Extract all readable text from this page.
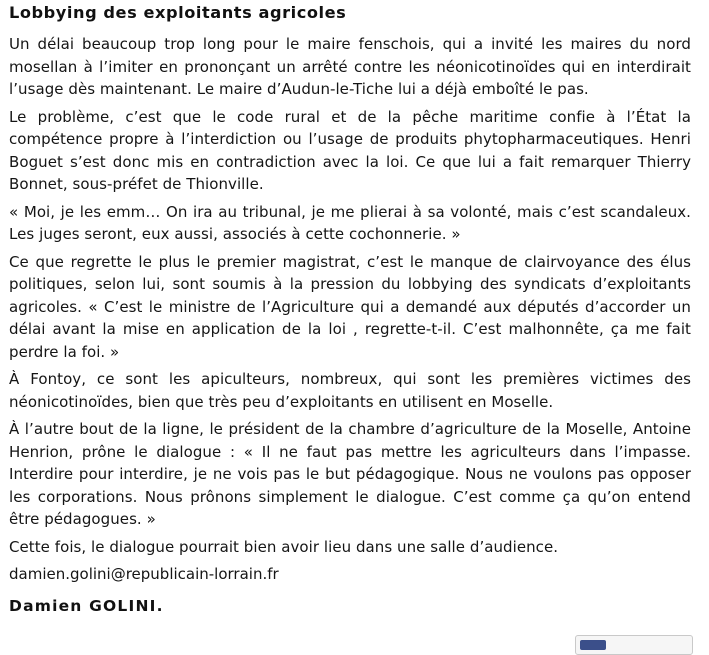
Lobbying des exploitants agricoles

Un délai beaucoup trop long pour le maire fenschois, qui a invité les maires du nord mosellan à l’imiter en prononçant un arrêté contre les néonicotinoïdes qui en interdirait l’usage dès maintenant. Le maire d’Audun-le-Tiche lui a déjà emboîté le pas.

Le problème, c’est que le code rural et de la pêche maritime confie à l’État la compétence propre à l’interdiction ou l’usage de produits phytopharmaceutiques. Henri Boguet s’est donc mis en contradiction avec la loi. Ce que lui a fait remarquer Thierry Bonnet, sous-préfet de Thionville.

« Moi, je les emm… On ira au tribunal, je me plierai à sa volonté, mais c’est scandaleux. Les juges seront, eux aussi, associés à cette cochonnerie. »

Ce que regrette le plus le premier magistrat, c’est le manque de clairvoyance des élus politiques, selon lui, sont soumis à la pression du lobbying des syndicats d’exploitants agricoles. « C’est le ministre de l’Agriculture qui a demandé aux députés d’accorder un délai avant la mise en application de la loi , regrette-t-il. C’est malhonnête, ça me fait perdre la foi. »

À Fontoy, ce sont les apiculteurs, nombreux, qui sont les premières victimes des néonicotinoïdes, bien que très peu d’exploitants en utilisent en Moselle.

À l’autre bout de la ligne, le président de la chambre d’agriculture de la Moselle, Antoine Henrion, prône le dialogue : « Il ne faut pas mettre les agriculteurs dans l’impasse. Interdire pour interdire, je ne vois pas le but pédagogique. Nous ne voulons pas opposer les corporations. Nous prônons simplement le dialogue. C’est comme ça qu’on entend être pédagogues. »

Cette fois, le dialogue pourrait bien avoir lieu dans une salle d’audience.

damien.golini@republicain-lorrain.fr

Damien GOLINI.
